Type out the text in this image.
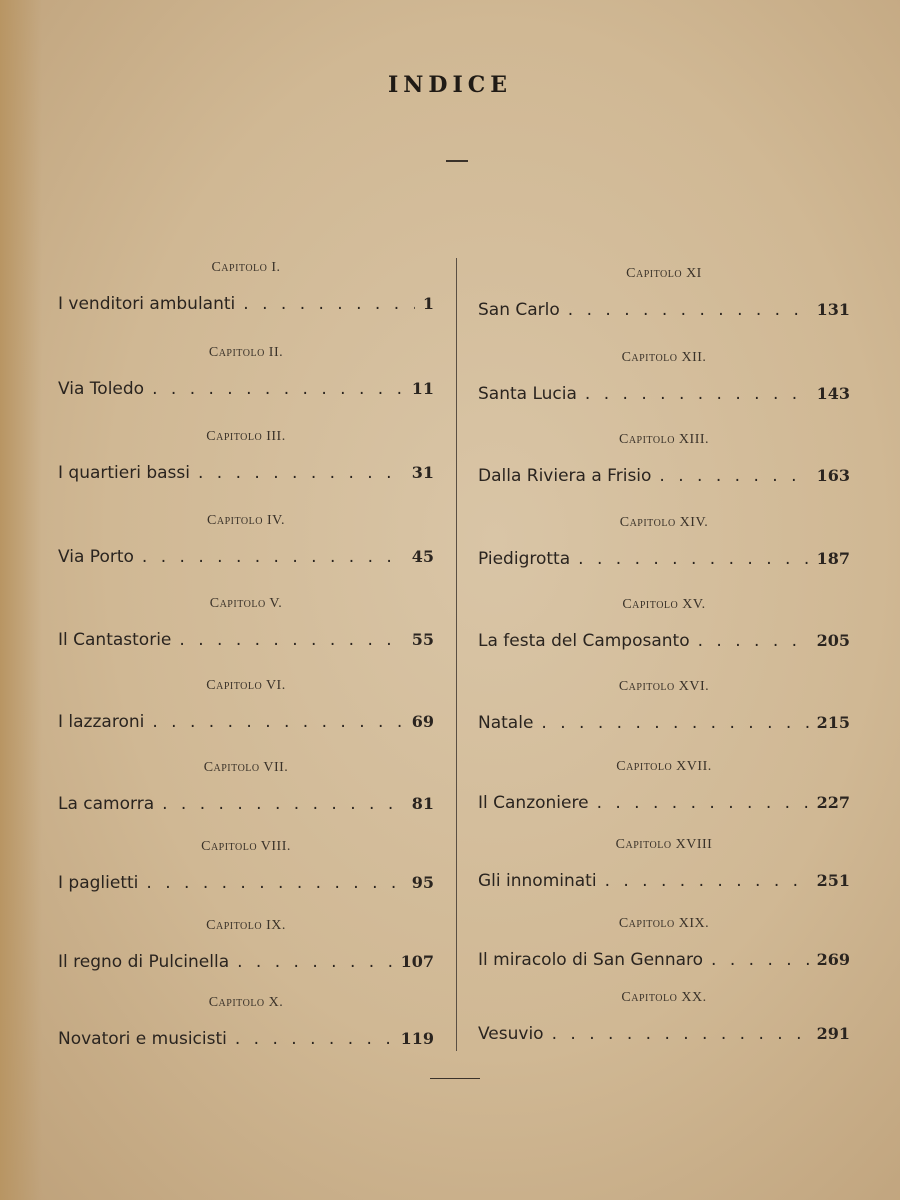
INDICE
Capitolo I.
I venditori ambulanti . . .	1
Capitolo II.
Via Toledo . . .	11
Capitolo III.
I quartieri bassi . . .	31
Capitolo IV.
Via Porto . . .	45
Capitolo V.
Il Cantastorie . . .	55
Capitolo VI.
I lazzaroni . . .	69
Capitolo VII.
La camorra . . .	81
Capitolo VIII.
I paglietti . . .	95
Capitolo IX.
Il regno di Pulcinella . . .	107
Capitolo X.
Novatori e musicisti . . .	119
Capitolo XI
San Carlo . . .	131
Capitolo XII.
Santa Lucia . . .	143
Capitolo XIII.
Dalla Riviera a Frisio . . .	163
Capitolo XIV.
Piedigrotta . . .	187
Capitolo XV.
La festa del Camposanto . . .	205
Capitolo XVI.
Natale . . .	215
Capitolo XVII.
Il Canzoniere . . .	227
Capitolo XVIII
Gli innominati . . .	251
Capitolo XIX.
Il miracolo di San Gennaro . . .	269
Capitolo XX.
Vesuvio . . .	291
